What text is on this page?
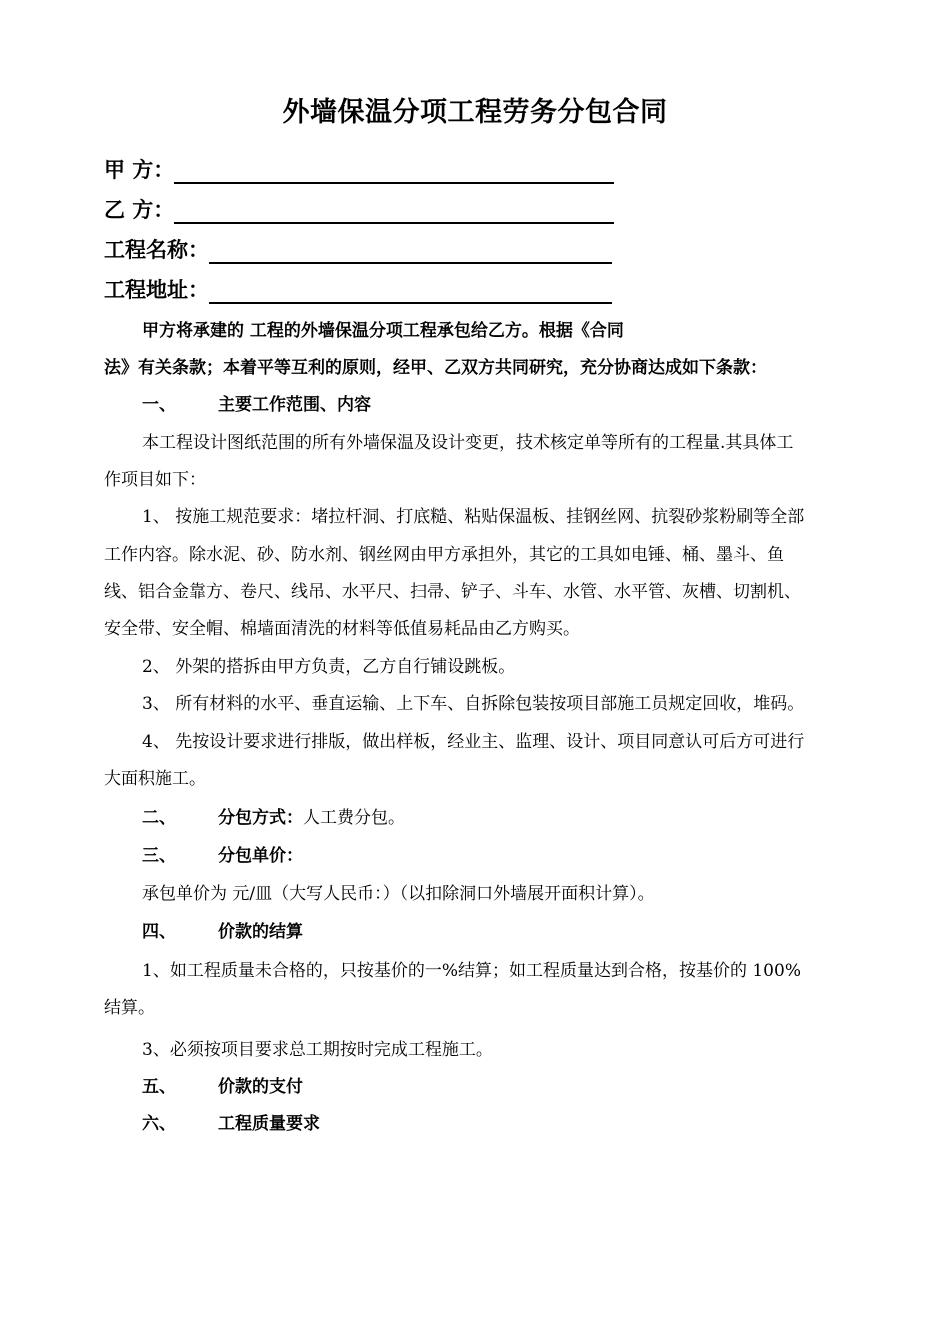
外墙保温分项工程劳务分包合同
甲 方：
乙 方：
工程名称：
工程地址：
甲方将承建的 工程的外墙保温分项工程承包给乙方。根据《合同
法》有关条款；本着平等互利的原则，经甲、乙双方共同研究，充分协商达成如下条款：
一、 主要工作范围、内容
本工程设计图纸范围的所有外墙保温及设计变更，技术核定单等所有的工程量.其具体工
作项目如下：
1、 按施工规范要求：堵拉杆洞、打底糙、粘贴保温板、挂钢丝网、抗裂砂浆粉刷等全部
工作内容。除水泥、砂、防水剂、钢丝网由甲方承担外，其它的工具如电锤、桶、墨斗、鱼
线、铝合金靠方、卷尺、线吊、水平尺、扫帚、铲子、斗车、水管、水平管、灰槽、切割机、
安全带、安全帽、棉墙面清洗的材料等低值易耗品由乙方购买。
2、 外架的搭拆由甲方负责，乙方自行铺设跳板。
3、 所有材料的水平、垂直运输、上下车、自拆除包装按项目部施工员规定回收，堆码。
4、 先按设计要求进行排版，做出样板，经业主、监理、设计、项目同意认可后方可进行
大面积施工。
二、 分包方式：人工费分包。
三、 分包单价：
承包单价为 元/皿（大写人民币：）（以扣除洞口外墙展开面积计算）。
四、 价款的结算
1、如工程质量未合格的，只按基价的一%结算；如工程质量达到合格，按基价的 100%
结算。
3、必须按项目要求总工期按时完成工程施工。
五、 价款的支付
六、 工程质量要求
